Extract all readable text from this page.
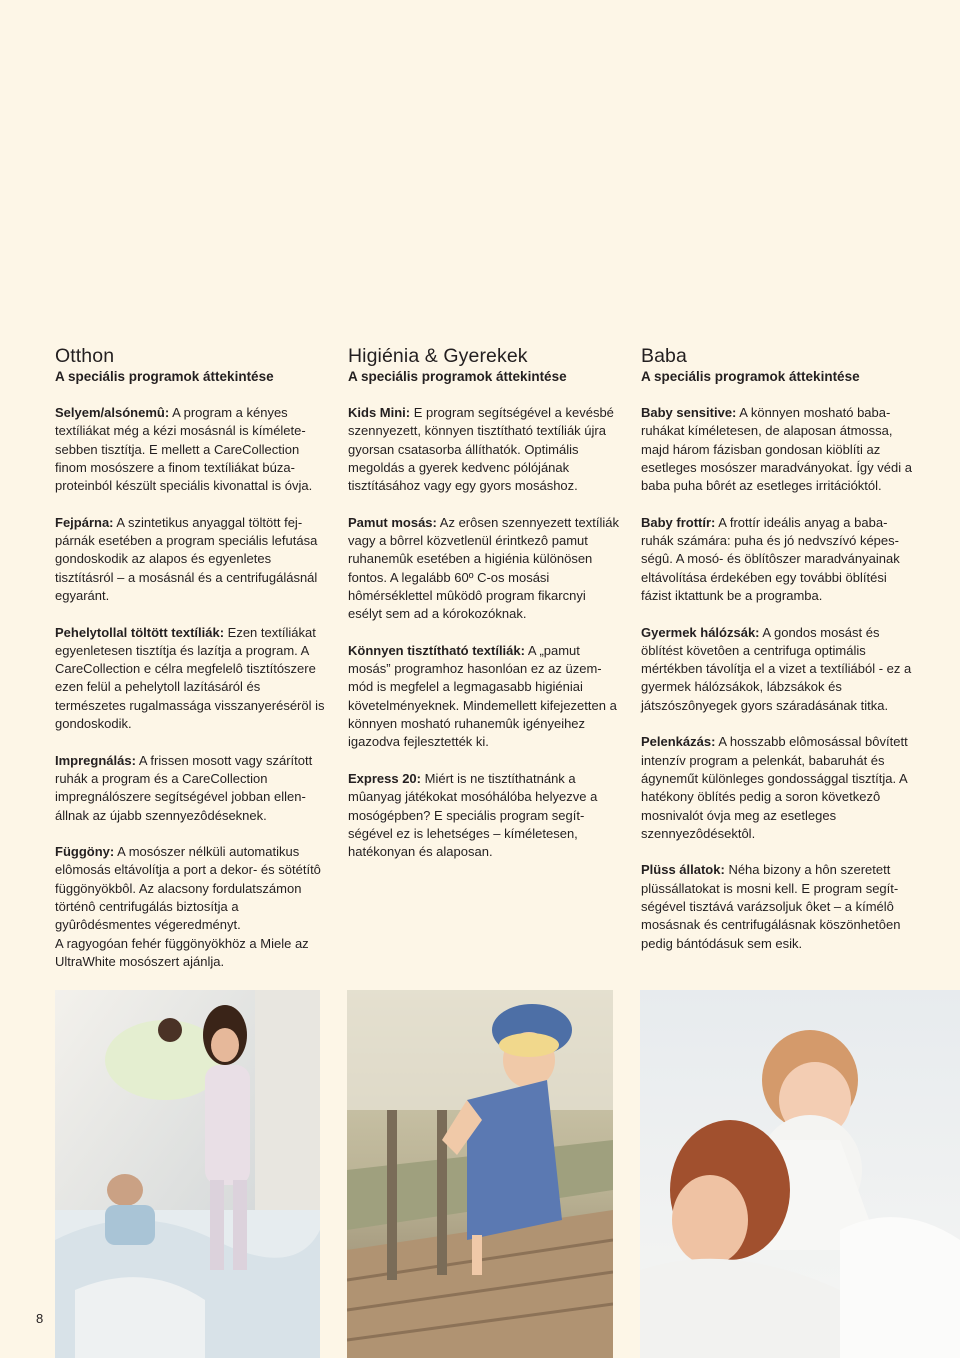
Otthon
A speciális programok áttekintése

Selyem/alsónemû: A program a kényes textíliákat még a kézi mosásnál is kíméletesebben tisztítja. E mellett a CareCollection finom mosószere a finom textíliákat búzaproteinból készült speciális kivonattal is óvja.

Fejpárna: A szintetikus anyaggal töltött fejpárnák esetében a program speciális lefutása gondoskodik az alapos és egyenletes tisztításról – a mosásnál és a centrifugálásnál egyaránt.

Pehelytollal töltött textíliák: Ezen textíliákat egyenletesen tisztítja és lazítja a program. A CareCollection e célra megfelelô tisztítószere ezen felül a pehelytoll lazításáról és természetes rugalmassága visszanyeréséröl is gondoskodik.

Impregnálás: A frissen mosott vagy szárított ruhák a program és a CareCollection impregnálószere segítségével jobban ellenállnak az újabb szennyezôdéseknek.

Függöny: A mosószer nélküli automatikus elômosás eltávolítja a port a dekor- és sötétítô függönyökbôl. Az alacsony fordulatszámon történô centrifugálás biztosítja a gyûrôdésmentes végeredményt.
A ragyogóan fehér függönyökhöz a Miele az UltraWhite mosószert ajánlja.

Higiénia & Gyerekek
A speciális programok áttekintése

Kids Mini: E program segítségével a kevésbé szennyezett, könnyen tisztítható textíliák újra gyorsan csatasorba állíthatók. Optimális megoldás a gyerek kedvenc pólójának tisztításához vagy egy gyors mosáshoz.

Pamut mosás: Az erôsen szennyezett textíliák vagy a bôrrel közvetlenül érintkezô pamut ruhanemûk esetében a higiénia különösen fontos. A legalább 60º C-os mosási hômérséklettel mûködô program fikarcnyi esélyt sem ad a kórokozóknak.

Könnyen tisztítható textíliák: A „pamut mosás” programhoz hasonlóan ez az üzemmód is megfelel a legmagasabb higiéniai követelményeknek. Mindemellett kifejezetten a könnyen mosható ruhanemûk igényeihez igazodva fejlesztették ki.

Express 20: Miért is ne tisztíthatnánk a mûanyag játékokat mosóhálóba helyezve a mosógépben? E speciális program segítségével ez is lehetséges – kíméletesen, hatékonyan és alaposan.

Baba
A speciális programok áttekintése

Baby sensitive: A könnyen mosható babaruhákat kíméletesen, de alaposan átmossa, majd három fázisban gondosan kiöblíti az esetleges mosószer maradványokat. Így védi a baba puha bôrét az esetleges irritációktól.

Baby frottír: A frottír ideális anyag a babaruhák számára: puha és jó nedvszívó képességû. A mosó- és öblítôszer maradványainak eltávolítása érdekében egy további öblítési fázist iktattunk be a programba.

Gyermek hálózsák: A gondos mosást és öblítést követôen a centrifuga optimális mértékben távolítja el a vizet a textíliából - ez a gyermek hálózsákok, lábzsákok és játszószônyegek gyors száradásának titka.

Pelenkázás: A hosszabb elômosással bôvített intenzív program a pelenkát, babaruhát és ágyneműt különleges gondossággal tisztítja. A hatékony öblítés pedig a soron következô mosnivalót óvja meg az esetleges szennyezôdésektôl.

Plüss állatok: Néha bizony a hôn szeretett plüssállatokat is mosni kell. E program segítségével tisztává varázsoljuk ôket – a kímélô mosásnak és centrifugálásnak köszönhetôen pedig bántódásuk sem esik.

8
